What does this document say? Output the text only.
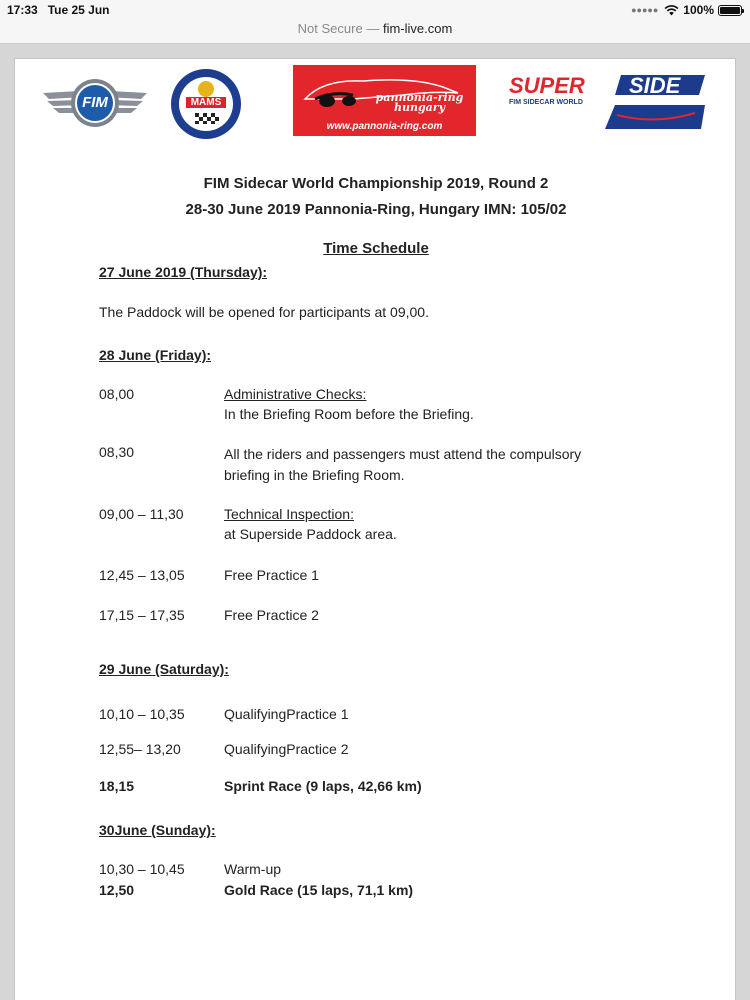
17:33 Tue 25 Jun	●●●●● 100%
Not Secure — fim-live.com
FIM	MAMS	pannonia-ring hungary
www.pannonia-ring.com
SUPER SIDE
FIM SIDECAR WORLD	CHAMPIONSHIP
FIM Sidecar World Championship 2019, Round 2
28-30 June 2019 Pannonia-Ring, Hungary IMN: 105/02
Time Schedule
27 June 2019 (Thursday):
The Paddock will be opened for participants at 09,00.
28 June (Friday):
08,00	Administrative Checks:
In the Briefing Room before the Briefing.
08,30	All the riders and passengers must attend the compulsory
briefing in the Briefing Room.
09,00 – 11,30	Technical Inspection:
at Superside Paddock area.
12,45 – 13,05	Free Practice 1
17,15 – 17,35	Free Practice 2
29 June (Saturday):
10,10 – 10,35	QualifyingPractice 1
12,55– 13,20	QualifyingPractice 2
18,15	Sprint Race (9 laps, 42,66 km)
30June (Sunday):
10,30 – 10,45	Warm-up
12,50	Gold Race (15 laps, 71,1 km)
